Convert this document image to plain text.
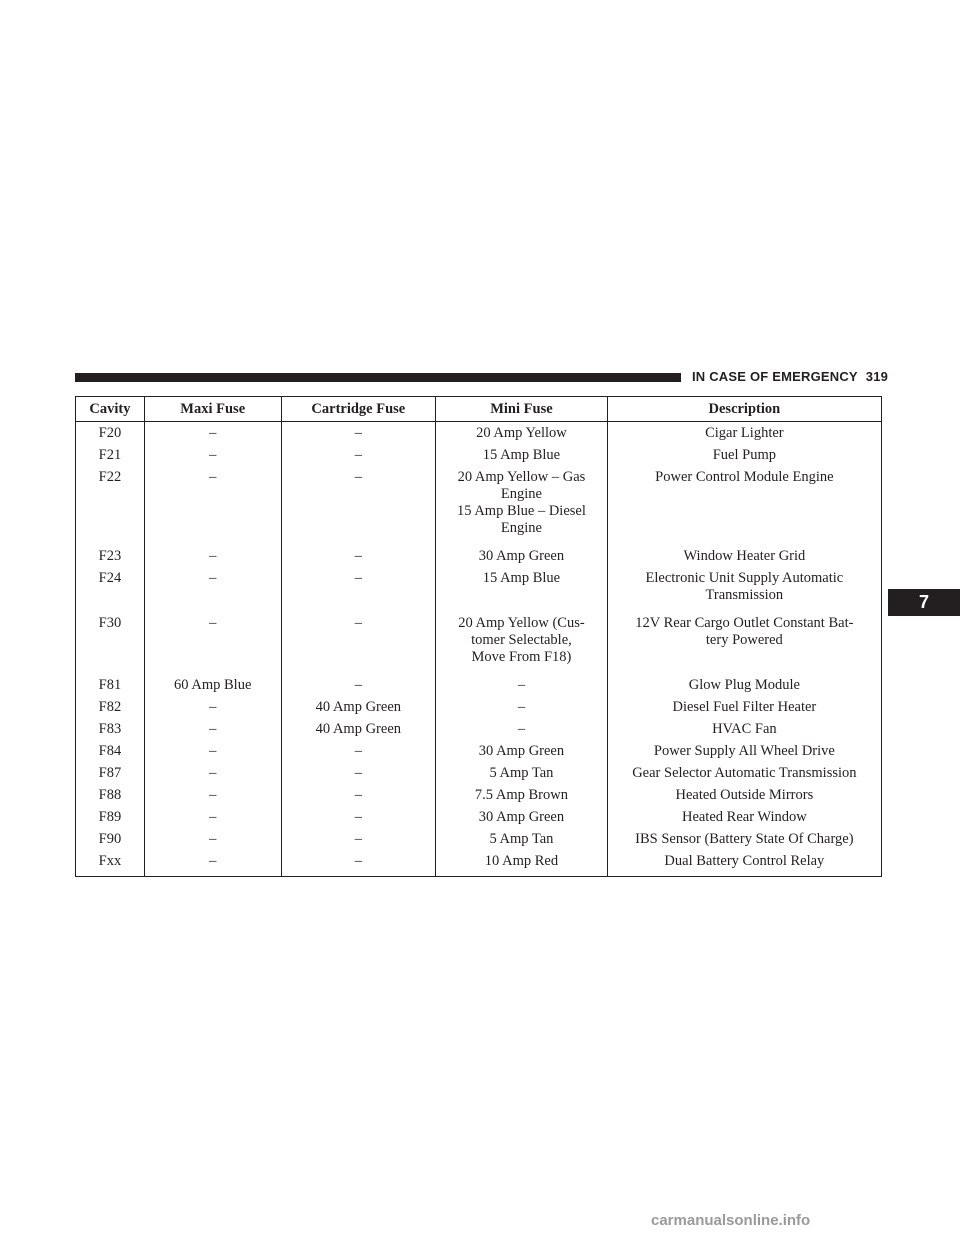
IN CASE OF EMERGENCY 319
7
Cavity	Maxi Fuse	Cartridge Fuse	Mini Fuse	Description
F20	–	–	20 Amp Yellow	Cigar Lighter

F21	–	–	15 Amp Blue	Fuel Pump

F22	–	–	20 Amp Yellow – Gas
Engine
15 Amp Blue – Diesel
Engine	Power Control Module Engine

F23	–	–	30 Amp Green	Window Heater Grid

F24	–	–	15 Amp Blue	Electronic Unit Supply Automatic
Transmission

F30	–	–	20 Amp Yellow (Cus-
tomer Selectable,
Move From F18)	12V Rear Cargo Outlet Constant Bat-
tery Powered

F81	60 Amp Blue	–	–	Glow Plug Module

F82	–	40 Amp Green	–	Diesel Fuel Filter Heater

F83	–	40 Amp Green	–	HVAC Fan

F84	–	–	30 Amp Green	Power Supply All Wheel Drive

F87	–	–	5 Amp Tan	Gear Selector Automatic Transmission

F88	–	–	7.5 Amp Brown	Heated Outside Mirrors

F89	–	–	30 Amp Green	Heated Rear Window

F90	–	–	5 Amp Tan	IBS Sensor (Battery State Of Charge)

Fxx	–	–	10 Amp Red	Dual Battery Control Relay
carmanualsonline.info
